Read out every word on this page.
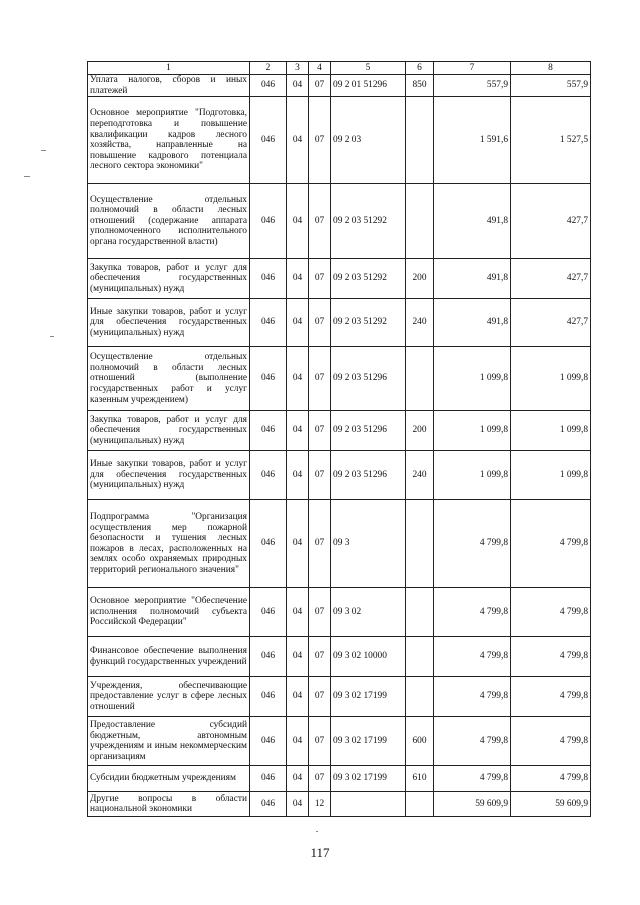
1	2	3	4	5	6	7	8
Уплата налогов, сборов и иных платежей	046	04	07	09 2 01 51296	850	557,9	557,9
Основное мероприятие "Подготовка, переподготовка и повышение квалификации кадров лесного хозяйства, направленные на повышение кадрового потенциала лесного сектора экономики"	046	04	07	09 2 03		1 591,6	1 527,5
Осуществление отдельных полномочий в области лесных отношений (содержание аппарата уполномоченного исполнительного органа государственной власти)	046	04	07	09 2 03 51292		491,8	427,7
Закупка товаров, работ и услуг для обеспечения государственных (муниципальных) нужд	046	04	07	09 2 03 51292	200	491,8	427,7
Иные закупки товаров, работ и услуг для обеспечения государственных (муниципальных) нужд	046	04	07	09 2 03 51292	240	491,8	427,7
Осуществление отдельных полномочий в области лесных отношений (выполнение государственных работ и услуг казенным учреждением)	046	04	07	09 2 03 51296		1 099,8	1 099,8
Закупка товаров, работ и услуг для обеспечения государственных (муниципальных) нужд	046	04	07	09 2 03 51296	200	1 099,8	1 099,8
Иные закупки товаров, работ и услуг для обеспечения государственных (муниципальных) нужд	046	04	07	09 2 03 51296	240	1 099,8	1 099,8
Подпрограмма "Организация осуществления мер пожарной безопасности и тушения лесных пожаров в лесах, расположенных на землях особо охраняемых природных территорий регионального значения"	046	04	07	09 3		4 799,8	4 799,8
Основное мероприятие "Обеспечение исполнения полномочий субъекта Российской Федерации"	046	04	07	09 3 02		4 799,8	4 799,8
Финансовое обеспечение выполнения функций государственных учреждений	046	04	07	09 3 02 10000		4 799,8	4 799,8
Учреждения, обеспечивающие предоставление услуг в сфере лесных отношений	046	04	07	09 3 02 17199		4 799,8	4 799,8
Предоставление субсидий бюджетным, автономным учреждениям и иным некоммерческим организациям	046	04	07	09 3 02 17199	600	4 799,8	4 799,8
Субсидии бюджетным учреждениям	046	04	07	09 3 02 17199	610	4 799,8	4 799,8
Другие вопросы в области национальной экономики	046	04	12			59 609,9	59 609,9
117
